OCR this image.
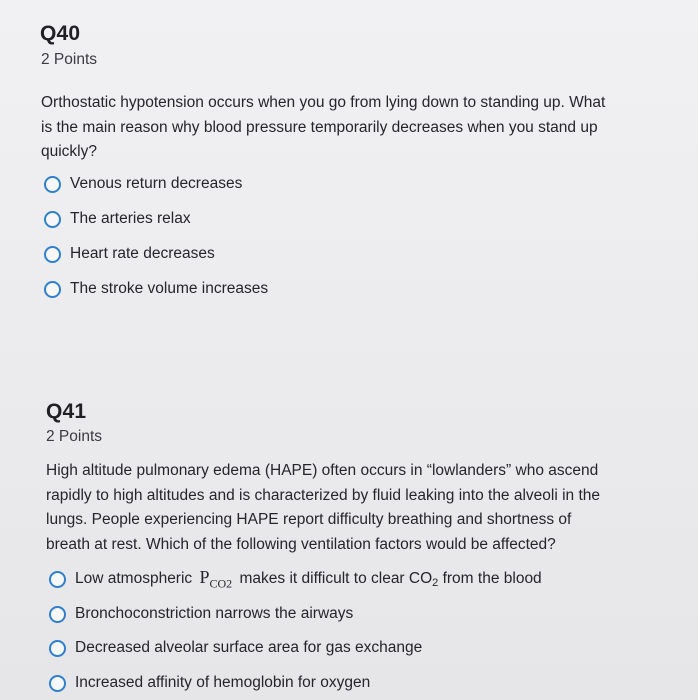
Q40
2 Points
Orthostatic hypotension occurs when you go from lying down to standing up. What
is the main reason why blood pressure temporarily decreases when you stand up
quickly?
Venous return decreases
The arteries relax
Heart rate decreases
The stroke volume increases
Q41
2 Points
High altitude pulmonary edema (HAPE) often occurs in “lowlanders” who ascend
rapidly to high altitudes and is characterized by fluid leaking into the alveoli in the
lungs. People experiencing HAPE report difficulty breathing and shortness of
breath at rest. Which of the following ventilation factors would be affected?
Low atmospheric $P_{CO2}$ makes it difficult to clear $CO_2$ from the blood
Bronchoconstriction narrows the airways
Decreased alveolar surface area for gas exchange
Increased affinity of hemoglobin for oxygen
